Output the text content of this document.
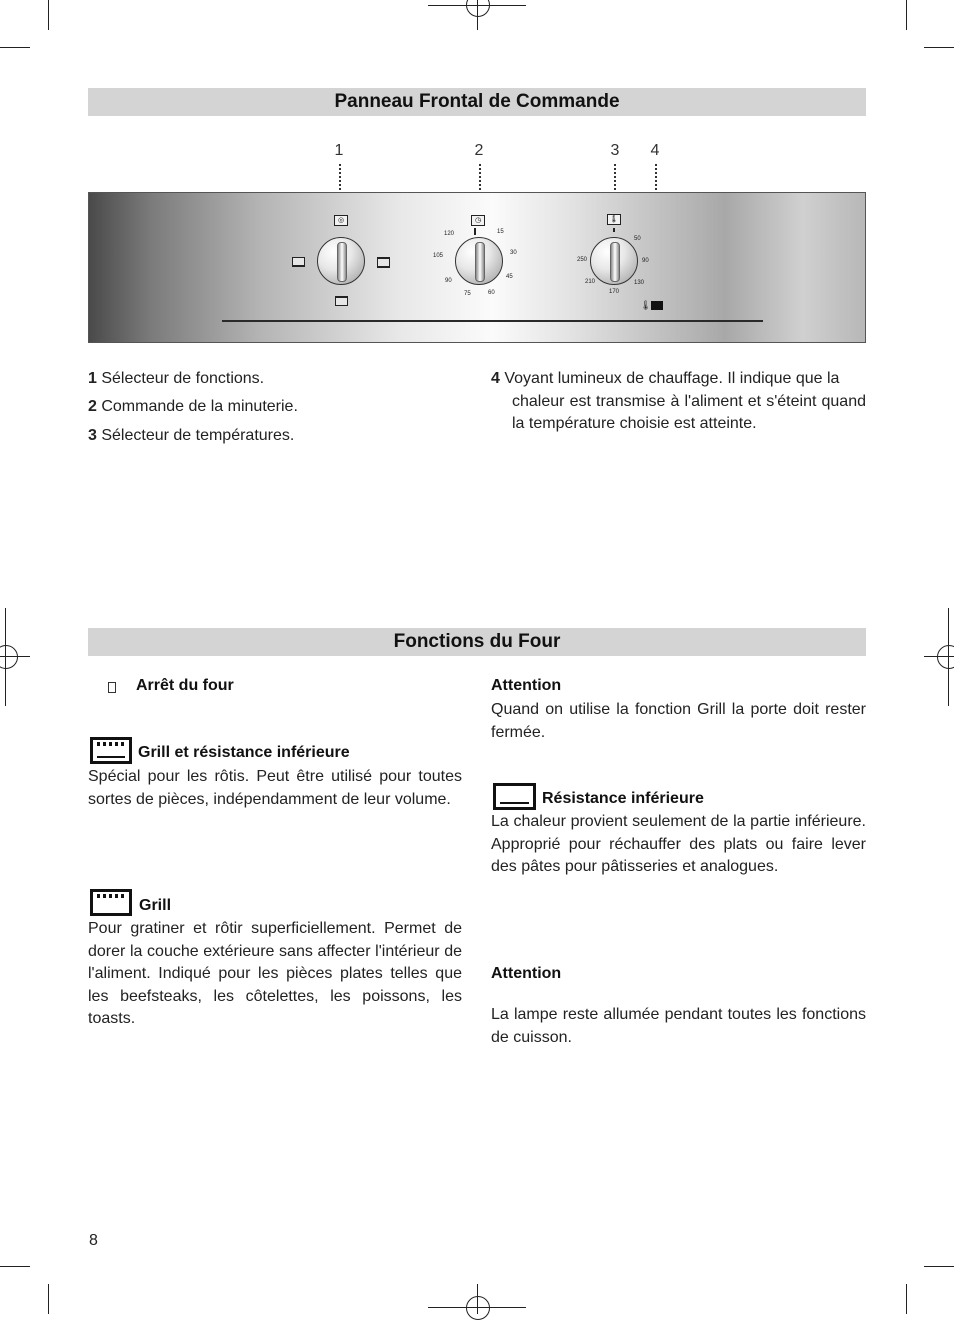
Panneau Frontal de Commande
1	2	3	4
◎	◷
120
105
90
75	60
45
30
15
🌡
250
210
170
130
90
50
🌡
1 Sélecteur de fonctions.
2 Commande de la minuterie.
3 Sélecteur de températures.
4 Voyant lumineux de chauffage. Il indique que la
chaleur est transmise à l'aliment et s'éteint quand la température choisie est atteinte.
Fonctions du Four
Arrêt du four
Grill et résistance inférieure
Spécial pour les rôtis. Peut être utilisé pour toutes sortes de pièces, indépendamment de leur volume.
Grill
Pour gratiner et rôtir superficiellement. Permet de dorer la couche extérieure sans affecter l'intérieur de l'aliment. Indiqué pour les pièces plates telles que les beefsteaks, les côtelettes, les poissons, les toasts.
Attention
Quand on utilise la fonction Grill la porte doit rester fermée.
Résistance inférieure
La chaleur provient seulement de la partie inférieure. Approprié pour réchauffer des plats ou faire lever des pâtes pour pâtisseries et analogues.
Attention
La lampe reste allumée pendant toutes les fonctions de cuisson.
8
